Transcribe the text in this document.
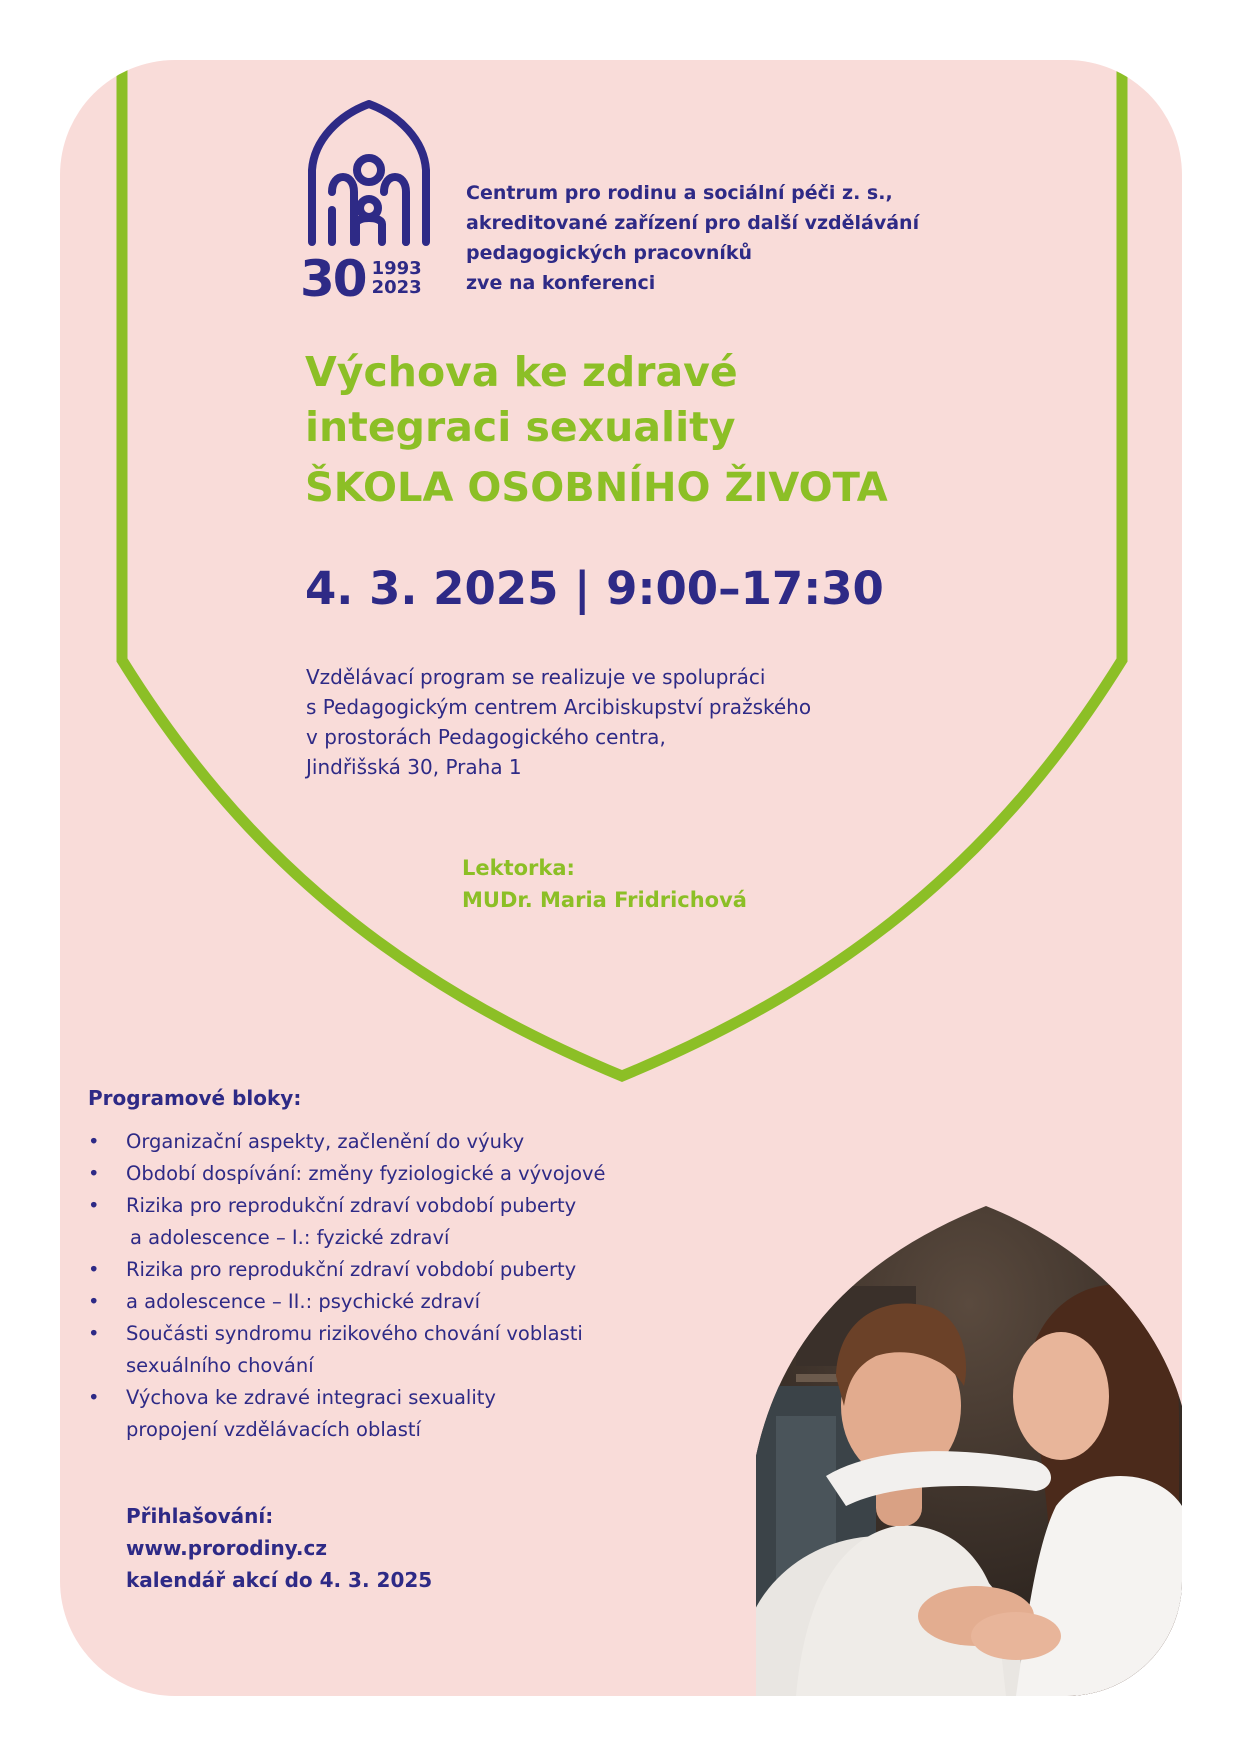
30 1993
2023
Centrum pro rodinu a sociální péči z. s.,
akreditované zařízení pro další vzdělávání
pedagogických pracovníků
zve na konferenci
Výchova ke zdravé
integraci sexuality
ŠKOLA OSOBNÍHO ŽIVOTA
4. 3. 2025 | 9:00–17:30
Vzdělávací program se realizuje ve spolupráci
s Pedagogickým centrem Arcibiskupství pražského
v prostorách Pedagogického centra,
Jindřišská 30, Praha 1
Lektorka:
MUDr. Maria Fridrichová
Programové bloky:
• Organizační aspekty, začlenění do výuky
• Období dospívání: změny fyziologické a vývojové
• Rizika pro reprodukční zdraví vobdobí puberty
a adolescence – I.: fyzické zdraví
• Rizika pro reprodukční zdraví vobdobí puberty
• a adolescence – II.: psychické zdraví
• Součásti syndromu rizikového chování voblasti
sexuálního chování
• Výchova ke zdravé integraci sexuality
propojení vzdělávacích oblastí
Přihlašování:
www.prorodiny.cz
kalendář akcí do 4. 3. 2025
